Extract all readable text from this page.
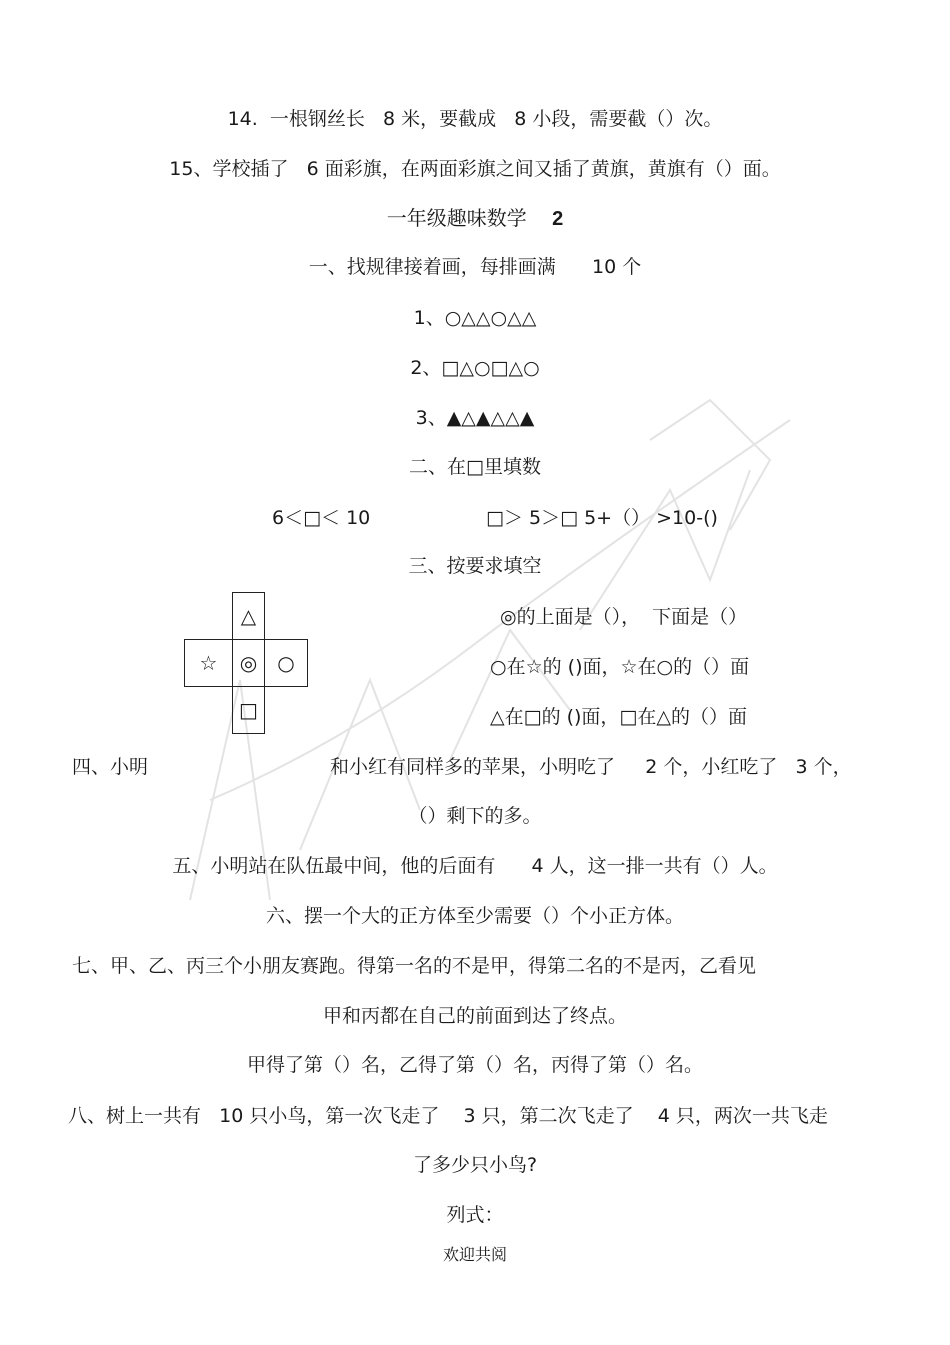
14.  一根钢丝长   8 米，要截成   8 小段，需要截（）次。
15、学校插了   6 面彩旗，在两面彩旗之间又插了黄旗，黄旗有（）面。
一年级趣味数学    2
一、找规律接着画，每排画满      10 个
1、○△△○△△
2、□△○□△○
3、▲△▲△△▲
二、在□里填数
6＜□＜ 10	□＞ 5＞□ 5+（） >10-()
三、按要求填空
△
☆	◎	○
□
◎的上面是（），  下面是（）
○在☆的 ()面，☆在○的（）面
△在□的 ()面，□在△的（）面
四、小明	和小红有同样多的苹果，小明吃了     2 个，小红吃了   3 个，
（）剩下的多。
五、小明站在队伍最中间，他的后面有      4 人，这一排一共有（）人。
六、摆一个大的正方体至少需要（）个小正方体。
七、甲、乙、丙三个小朋友赛跑。得第一名的不是甲，得第二名的不是丙，乙看见
甲和丙都在自己的前面到达了终点。
甲得了第（）名，乙得了第（）名，丙得了第（）名。
八、树上一共有   10 只小鸟，第一次飞走了    3 只，第二次飞走了    4 只，两次一共飞走
了多少只小鸟?
列式：
欢迎共阅
